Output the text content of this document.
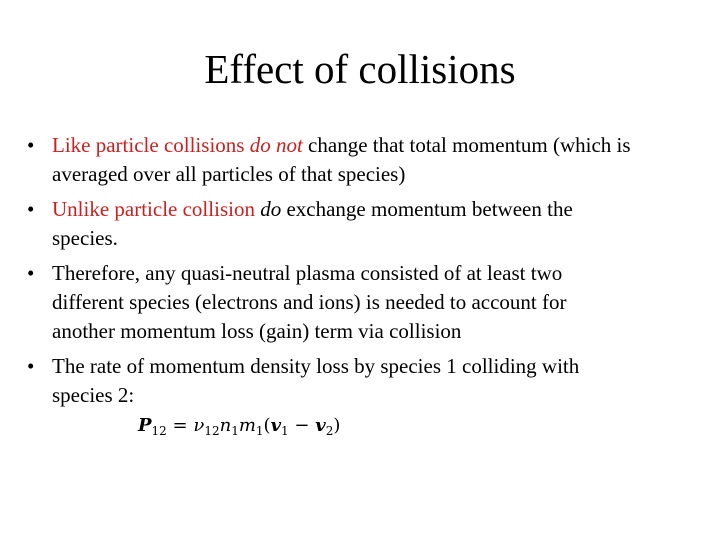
Effect of collisions
• Like particle collisions do not change that total momentum (which is
averaged over all particles of that species)
• Unlike particle collision do exchange momentum between the
species.
• Therefore, any quasi-neutral plasma consisted of at least two
different species (electrons and ions) is needed to account for
another momentum loss (gain) term via collision
• The rate of momentum density loss by species 1 colliding with
species 2:
$P_{12} = \nu_{12}n_1m_1(v_1 - v_2)$
